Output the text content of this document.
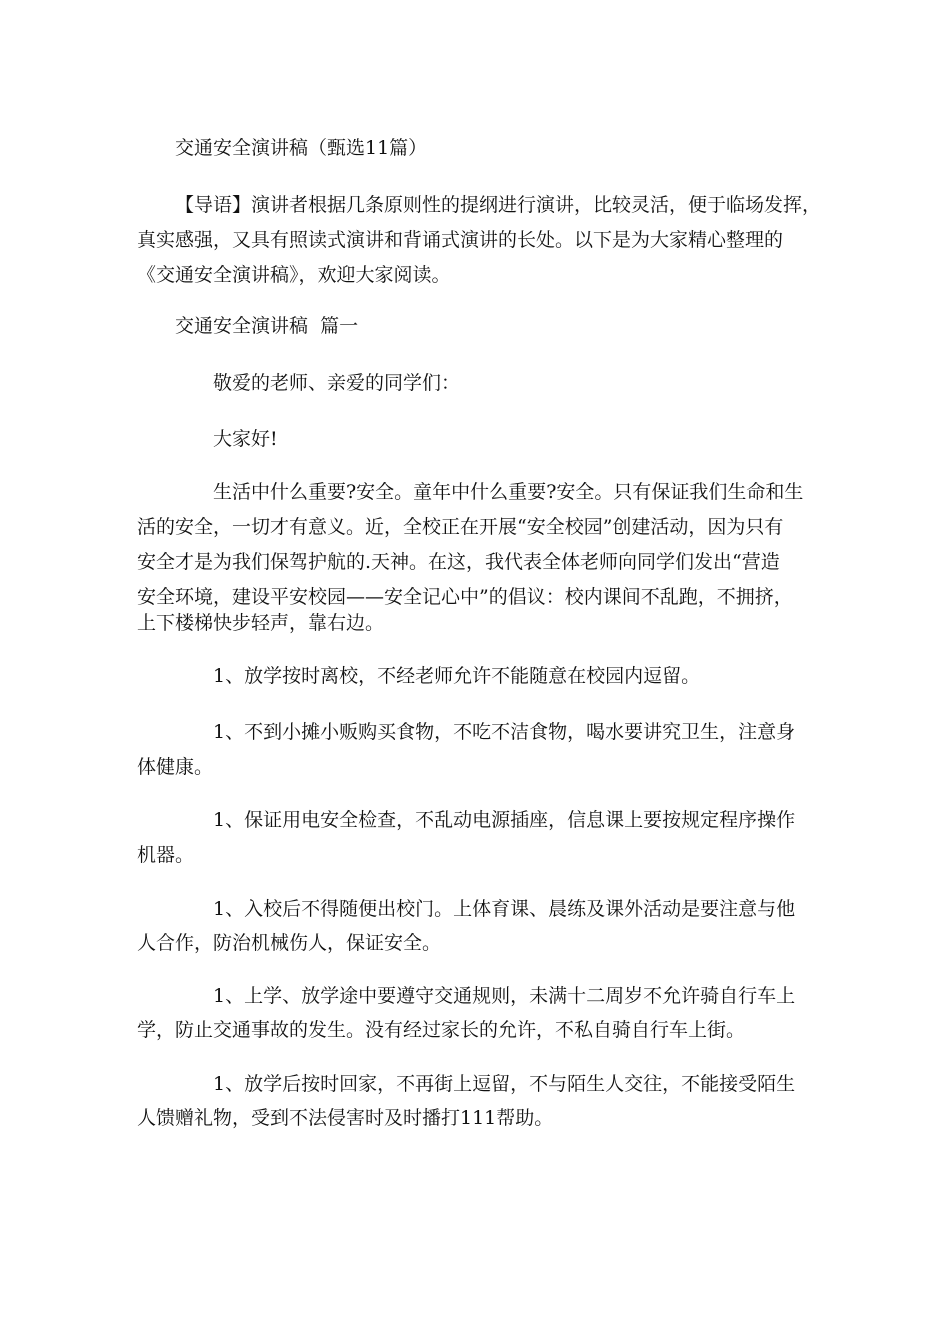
交通安全演讲稿（甄选11篇）
【导语】演讲者根据几条原则性的提纲进行演讲，比较灵活，便于临场发挥，
真实感强，又具有照读式演讲和背诵式演讲的长处。以下是为大家精心整理的
《交通安全演讲稿》，欢迎大家阅读。
交通安全演讲稿  篇一
敬爱的老师、亲爱的同学们：
大家好!
生活中什么重要?安全。童年中什么重要?安全。只有保证我们生命和生
活的安全，一切才有意义。近，全校正在开展“安全校园”创建活动，因为只有
安全才是为我们保驾护航的.天神。在这，我代表全体老师向同学们发出“营造
安全环境，建设平安校园——安全记心中”的倡议：校内课间不乱跑，不拥挤，
上下楼梯快步轻声，靠右边。
1、放学按时离校，不经老师允许不能随意在校园内逗留。
1、不到小摊小贩购买食物，不吃不洁食物，喝水要讲究卫生，注意身
体健康。
1、保证用电安全检查，不乱动电源插座，信息课上要按规定程序操作
机器。
1、入校后不得随便出校门。上体育课、晨练及课外活动是要注意与他
人合作，防治机械伤人，保证安全。
1、上学、放学途中要遵守交通规则，未满十二周岁不允许骑自行车上
学，防止交通事故的发生。没有经过家长的允许，不私自骑自行车上街。
1、放学后按时回家，不再街上逗留，不与陌生人交往，不能接受陌生
人馈赠礼物，受到不法侵害时及时播打111帮助。
